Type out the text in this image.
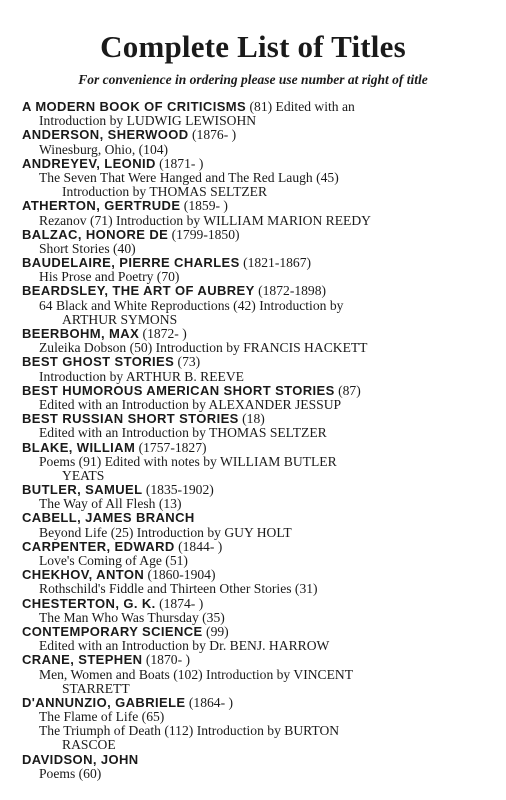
Complete List of Titles
For convenience in ordering please use number at right of title
A MODERN BOOK OF CRITICISMS (81) Edited with an
Introduction by LUDWIG LEWISOHN
ANDERSON, SHERWOOD (1876- )
Winesburg, Ohio, (104)
ANDREYEV, LEONID (1871- )
The Seven That Were Hanged and The Red Laugh (45)
Introduction by THOMAS SELTZER
ATHERTON, GERTRUDE (1859- )
Rezanov (71) Introduction by WILLIAM MARION REEDY
BALZAC, HONORE DE (1799-1850)
Short Stories (40)
BAUDELAIRE, PIERRE CHARLES (1821-1867)
His Prose and Poetry (70)
BEARDSLEY, THE ART OF AUBREY (1872-1898)
64 Black and White Reproductions (42) Introduction by
ARTHUR SYMONS
BEERBOHM, MAX (1872- )
Zuleika Dobson (50) Introduction by FRANCIS HACKETT
BEST GHOST STORIES (73)
Introduction by ARTHUR B. REEVE
BEST HUMOROUS AMERICAN SHORT STORIES (87)
Edited with an Introduction by ALEXANDER JESSUP
BEST RUSSIAN SHORT STORIES (18)
Edited with an Introduction by THOMAS SELTZER
BLAKE, WILLIAM (1757-1827)
Poems (91) Edited with notes by WILLIAM BUTLER
YEATS
BUTLER, SAMUEL (1835-1902)
The Way of All Flesh (13)
CABELL, JAMES BRANCH
Beyond Life (25) Introduction by GUY HOLT
CARPENTER, EDWARD (1844- )
Love's Coming of Age (51)
CHEKHOV, ANTON (1860-1904)
Rothschild's Fiddle and Thirteen Other Stories (31)
CHESTERTON, G. K. (1874- )
The Man Who Was Thursday (35)
CONTEMPORARY SCIENCE (99)
Edited with an Introduction by Dr. BENJ. HARROW
CRANE, STEPHEN (1870- )
Men, Women and Boats (102) Introduction by VINCENT
STARRETT
D'ANNUNZIO, GABRIELE (1864- )
The Flame of Life (65)
The Triumph of Death (112) Introduction by BURTON
RASCOE
DAVIDSON, JOHN
Poems (60)
